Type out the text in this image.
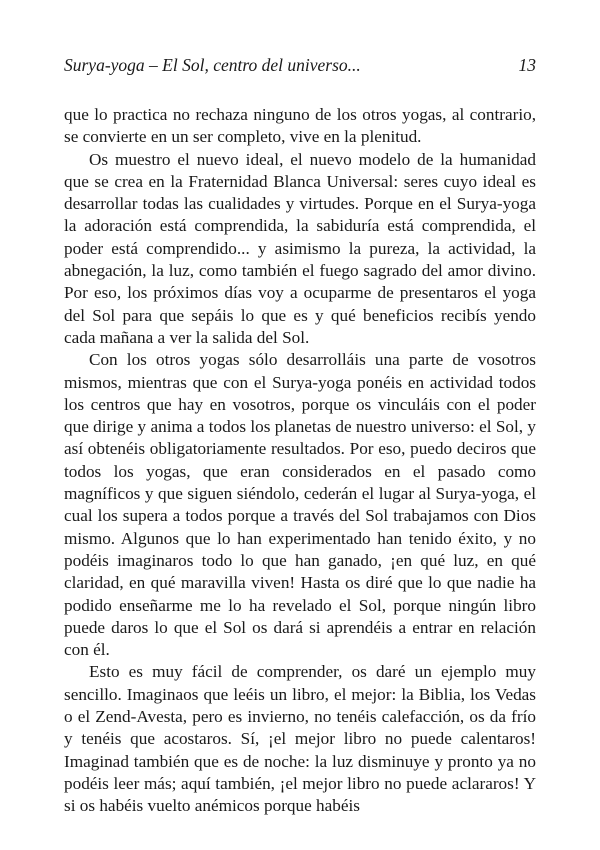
Surya-yoga – El Sol, centro del universo...	13

que lo practica no rechaza ninguno de los otros yogas, al contrario, se convierte en un ser completo, vive en la plenitud.

Os muestro el nuevo ideal, el nuevo modelo de la humanidad que se crea en la Fraternidad Blanca Universal: seres cuyo ideal es desarrollar todas las cualidades y virtudes. Porque en el Surya-yoga la adoración está comprendida, la sabiduría está comprendida, el poder está comprendido... y asimismo la pureza, la actividad, la abnegación, la luz, como también el fuego sagrado del amor divino. Por eso, los próximos días voy a ocuparme de presentaros el yoga del Sol para que sepáis lo que es y qué beneficios recibís yendo cada mañana a ver la salida del Sol.

Con los otros yogas sólo desarrolláis una parte de vosotros mismos, mientras que con el Surya-yoga ponéis en actividad todos los centros que hay en vosotros, porque os vinculáis con el poder que dirige y anima a todos los planetas de nuestro universo: el Sol, y así obtenéis obligatoriamente resultados. Por eso, puedo deciros que todos los yogas, que eran considerados en el pasado como magníficos y que siguen siéndolo, cederán el lugar al Surya-yoga, el cual los supera a todos porque a través del Sol trabajamos con Dios mismo. Algunos que lo han experimentado han tenido éxito, y no podéis imaginaros todo lo que han ganado, ¡en qué luz, en qué claridad, en qué maravilla viven! Hasta os diré que lo que nadie ha podido enseñarme me lo ha revelado el Sol, porque ningún libro puede daros lo que el Sol os dará si aprendéis a entrar en relación con él.

Esto es muy fácil de comprender, os daré un ejemplo muy sencillo. Imaginaos que leéis un libro, el mejor: la Biblia, los Vedas o el Zend-Avesta, pero es invierno, no tenéis calefacción, os da frío y tenéis que acostaros. Sí, ¡el mejor libro no puede calentaros! Imaginad también que es de noche: la luz disminuye y pronto ya no podéis leer más; aquí también, ¡el mejor libro no puede aclararos! Y si os habéis vuelto anémicos porque habéis
